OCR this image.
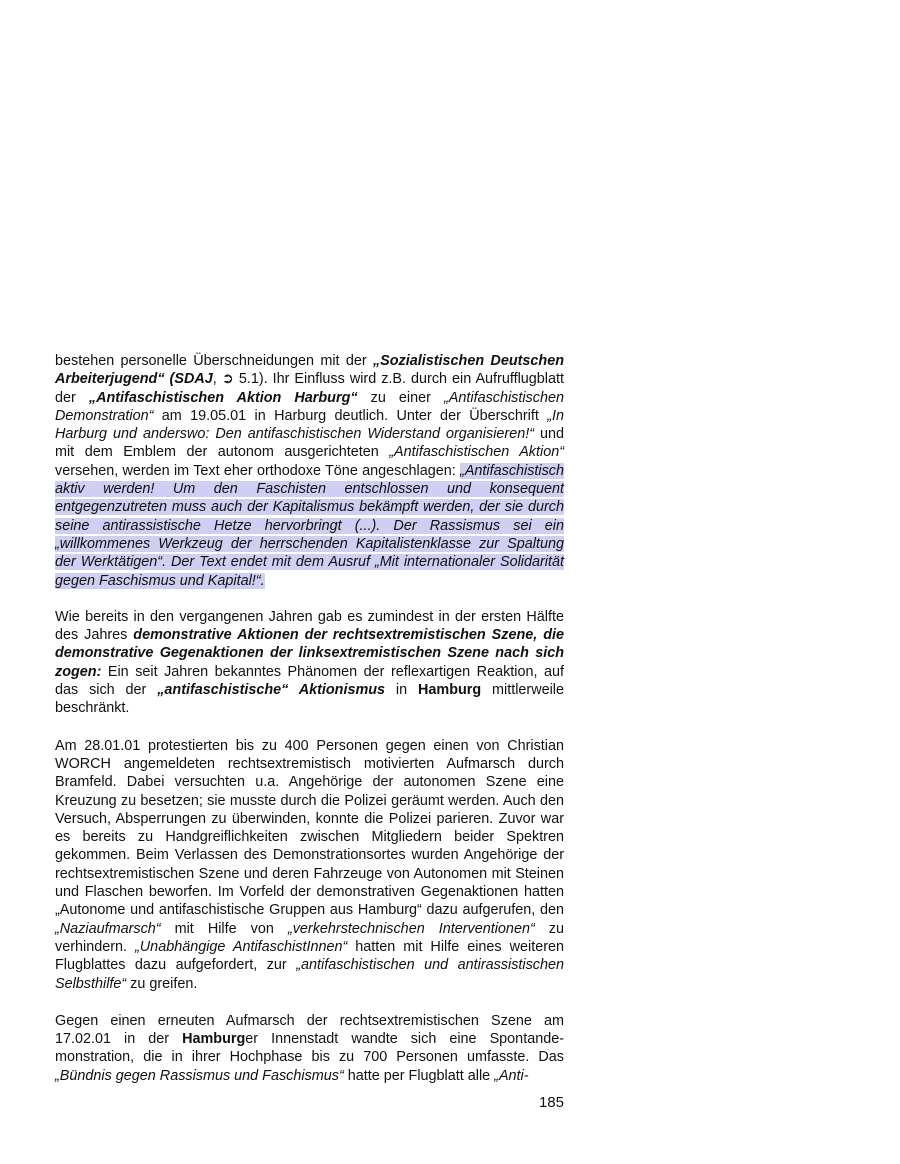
bestehen personelle Überschneidungen mit der „Sozialistischen Deutschen Arbeiterjugend“ (SDAJ, ➲ 5.1). Ihr Einfluss wird z.B. durch ein Aufrufflugblatt der „Antifaschistischen Aktion Harburg“ zu einer „Antifaschistischen Demonstration“ am 19.05.01 in Harburg deutlich. Unter der Überschrift „In Harburg und anderswo: Den antifaschistischen Widerstand organisieren!“ und mit dem Emblem der autonom ausgerichteten „Antifaschistischen Aktion“ versehen, werden im Text eher orthodoxe Töne angeschlagen: „Antifaschistisch aktiv werden! Um den Faschisten entschlossen und konsequent entgegenzutreten muss auch der Kapitalismus bekämpft werden, der sie durch seine antirassistische Hetze hervorbringt (...). Der Rassismus sei ein „willkommenes Werkzeug der herrschenden Kapitalistenklasse zur Spaltung der Werktätigen“. Der Text endet mit dem Ausruf „Mit internationaler Solidarität gegen Faschismus und Kapital!“.

Wie bereits in den vergangenen Jahren gab es zumindest in der ersten Hälfte des Jahres demonstrative Aktionen der rechtsextremistischen Szene, die demonstrative Gegenaktionen der linksextremistischen Szene nach sich zogen: Ein seit Jahren bekanntes Phänomen der reflexartigen Reaktion, auf das sich der „antifaschistische“ Aktionismus in Hamburg mittlerweile beschränkt.

Am 28.01.01 protestierten bis zu 400 Personen gegen einen von Christian WORCH angemeldeten rechtsextremistisch motivierten Aufmarsch durch Bramfeld. Dabei versuchten u.a. Angehörige der autonomen Szene eine Kreuzung zu besetzen; sie musste durch die Polizei geräumt werden. Auch den Versuch, Absperrungen zu überwinden, konnte die Polizei parieren. Zuvor war es bereits zu Handgreiflichkeiten zwischen Mitgliedern beider Spektren gekommen. Beim Verlassen des Demonstrationsortes wurden Angehörige der rechtsextremistischen Szene und deren Fahrzeuge von Autonomen mit Steinen und Flaschen beworfen. Im Vorfeld der demonstrativen Gegenaktionen hatten „Autonome und antifaschistische Gruppen aus Hamburg“ dazu aufgerufen, den „Naziaufmarsch“ mit Hilfe von „verkehrstechnischen Interventionen“ zu verhindern. „Unabhängige AntifaschistInnen“ hatten mit Hilfe eines weiteren Flugblattes dazu aufgefordert, zur „antifaschistischen und antirassistischen Selbsthilfe“ zu greifen.

Gegen einen erneuten Aufmarsch der rechtsextremistischen Szene am 17.02.01 in der Hamburger Innenstadt wandte sich eine Spontandemonstration, die in ihrer Hochphase bis zu 700 Personen umfasste. Das „Bündnis gegen Rassismus und Faschismus“ hatte per Flugblatt alle „Anti-

185
